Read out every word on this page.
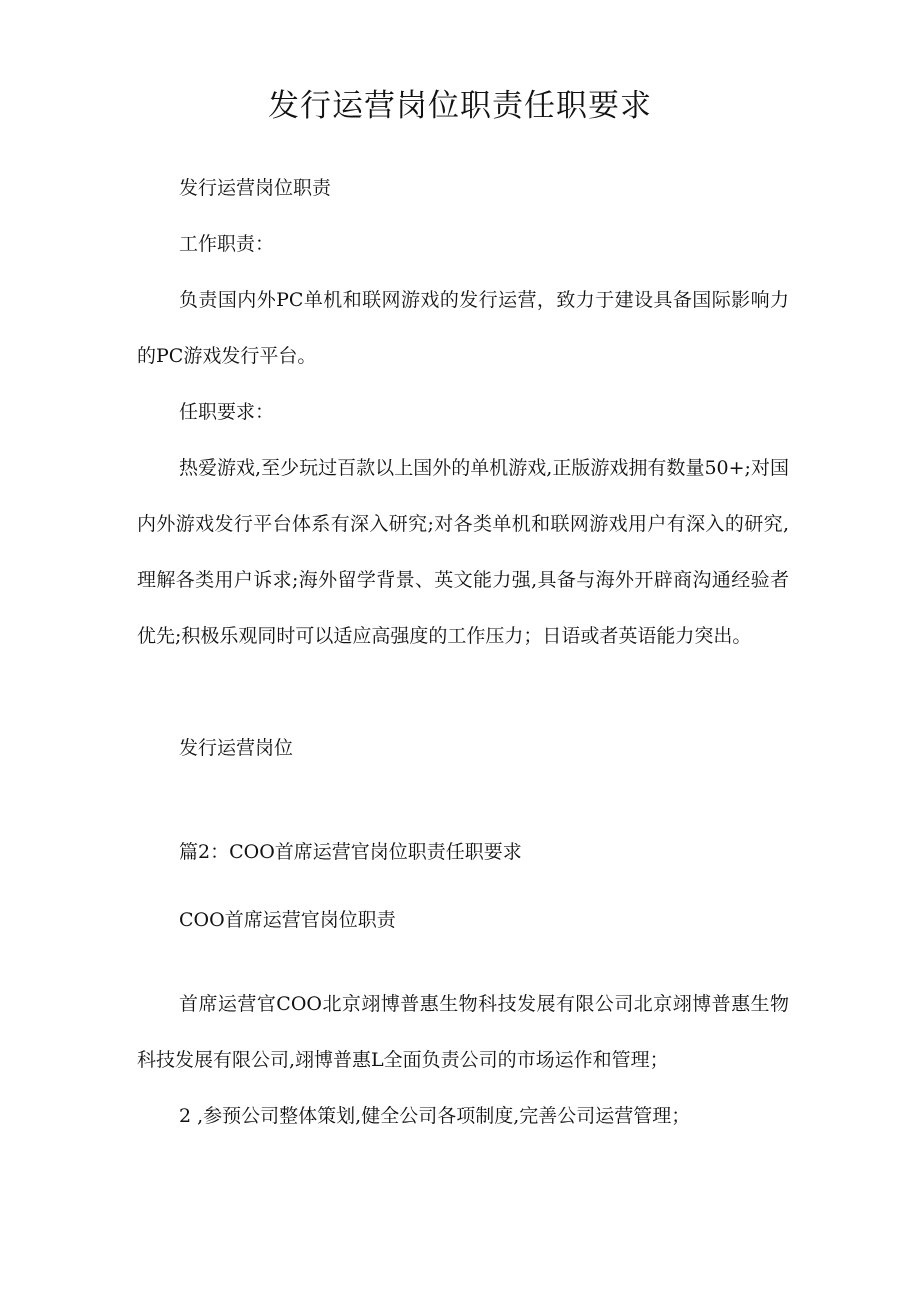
发行运营岗位职责任职要求
发行运营岗位职责
工作职责：
负责国内外PC单机和联网游戏的发行运营，致力于建设具备国际影响力的PC游戏发行平台。
任职要求：
热爱游戏,至少玩过百款以上国外的单机游戏,正版游戏拥有数量50+;对国内外游戏发行平台体系有深入研究;对各类单机和联网游戏用户有深入的研究,理解各类用户诉求;海外留学背景、英文能力强,具备与海外开辟商沟通经验者优先;积极乐观同时可以适应高强度的工作压力；日语或者英语能力突出。
发行运营岗位
篇2：COO首席运营官岗位职责任职要求
COO首席运营官岗位职责
首席运营官COO北京翊博普惠生物科技发展有限公司北京翊博普惠生物科技发展有限公司,翊博普惠L全面负责公司的市场运作和管理；
2 ,参预公司整体策划,健全公司各项制度,完善公司运营管理；
